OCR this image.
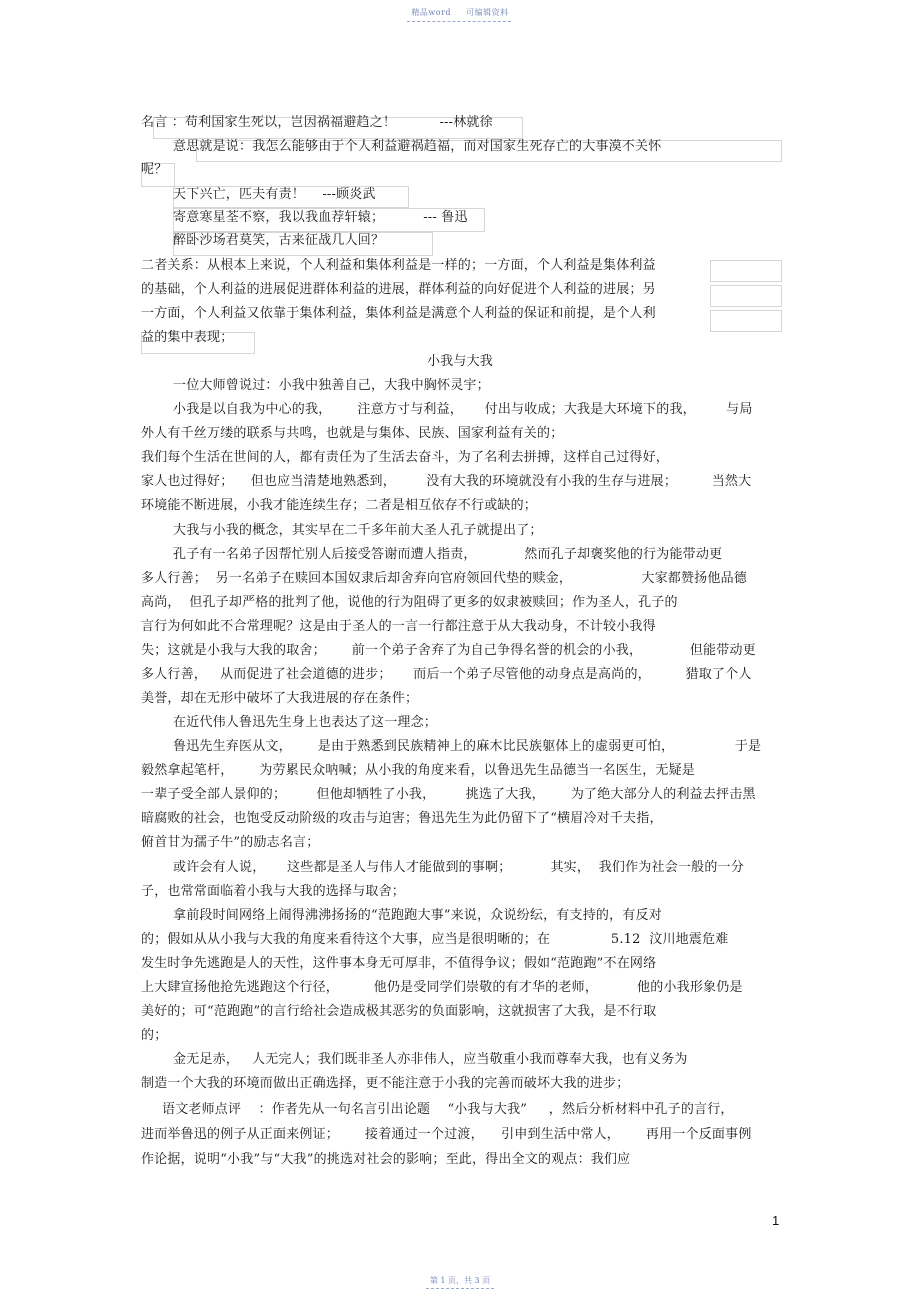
精品word 可编辑资料
名言 ：苟利国家生死以，岂因祸福避趋之！          ---林就徐
意思就是说：我怎么能够由于个人利益避祸趋福，而对国家生死存亡的大事漠不关怀
呢？
天下兴亡，匹夫有责！    ---顾炎武
寄意寒星荃不察，我以我血荐轩辕；         --- 鲁迅
醉卧沙场君莫笑，古来征战几人回？
二者关系：从根本上来说，个人利益和集体利益是一样的；一方面，个人利益是集体利益
的基础，个人利益的进展促进群体利益的进展，群体利益的向好促进个人利益的进展；另
一方面，个人利益又依靠于集体利益，集体利益是满意个人利益的保证和前提，是个人利
益的集中表现；
小我与大我
一位大师曾说过：小我中独善自己，大我中胸怀灵宇；
小我是以自我为中心的我，      注意方寸与利益，     付出与收成；大我是大环境下的我，       与局
外人有千丝万缕的联系与共鸣，也就是与集体、民族、国家利益有关的；
我们每个生活在世间的人，都有责任为了生活去奋斗，为了名利去拼搏，这样自己过得好，
家人也过得好；    但也应当清楚地熟悉到，       没有大我的环境就没有小我的生存与进展；        当然大
环境能不断进展，小我才能连续生存；二者是相互依存不行或缺的；
大我与小我的概念，其实早在二千多年前大圣人孔子就提出了；
孔子有一名弟子因帮忙别人后接受答谢而遭人指责，           然而孔子却褒奖他的行为能带动更
多人行善；  另一名弟子在赎回本国奴隶后却舍弃向官府领回代垫的赎金，                大家都赞扬他品德
高尚，  但孔子却严格的批判了他，说他的行为阻碍了更多的奴隶被赎回；作为圣人，孔子的
言行为何如此不合常理呢？这是由于圣人的一言一行都注意于从大我动身，不计较小我得
失；这就是小我与大我的取舍；      前一个弟子舍弃了为自己争得名誉的机会的小我，           但能带动更
多人行善，   从而促进了社会道德的进步；     而后一个弟子尽管他的动身点是高尚的，        猎取了个人
美誉，却在无形中破坏了大我进展的存在条件；
在近代伟人鲁迅先生身上也表达了这一理念；
鲁迅先生弃医从文，      是由于熟悉到民族精神上的麻木比民族躯体上的虚弱更可怕，              于是
毅然拿起笔杆，      为劳累民众呐喊；从小我的角度来看，以鲁迅先生品德当一名医生，无疑是
一辈子受全部人景仰的；       但他却牺牲了小我，       挑选了大我，      为了绝大部分人的利益去抨击黑
暗腐败的社会，也饱受反动阶级的攻击与迫害；鲁迅先生为此仍留下了“横眉冷对千夫指，
俯首甘为孺子牛”的励志名言；
或许会有人说，     这些都是圣人与伟人才能做到的事啊；         其实，  我们作为社会一般的一分
子，也常常面临着小我与大我的选择与取舍；
拿前段时间网络上闹得沸沸扬扬的“范跑跑大事”来说，众说纷纭，有支持的，有反对
的；假如从从小我与大我的角度来看待这个大事，应当是很明晰的；在              5.12  汶川地震危难
发生时争先逃跑是人的天性，这件事本身无可厚非，不值得争议；假如“范跑跑”不在网络
上大肆宣扬他抢先逃跑这个行径，        他仍是受同学们崇敬的有才华的老师，         他的小我形象仍是
美好的；可“范跑跑”的言行给社会造成极其恶劣的负面影响，这就损害了大我，是不行取
的；
金无足赤，   人无完人；我们既非圣人亦非伟人，应当敬重小我而尊奉大我，也有义务为
制造一个大我的环境而做出正确选择，更不能注意于小我的完善而破坏大我的进步；
语文老师点评    ：作者先从一句名言引出论题    “小我与大我”     ，然后分析材料中孔子的言行，
进而举鲁迅的例子从正面来例证；      接着通过一个过渡，    引申到生活中常人，      再用一个反面事例
作论据，说明“小我”与“大我”的挑选对社会的影响；至此，得出全文的观点：我们应
1
第 1 页，共 3 页
